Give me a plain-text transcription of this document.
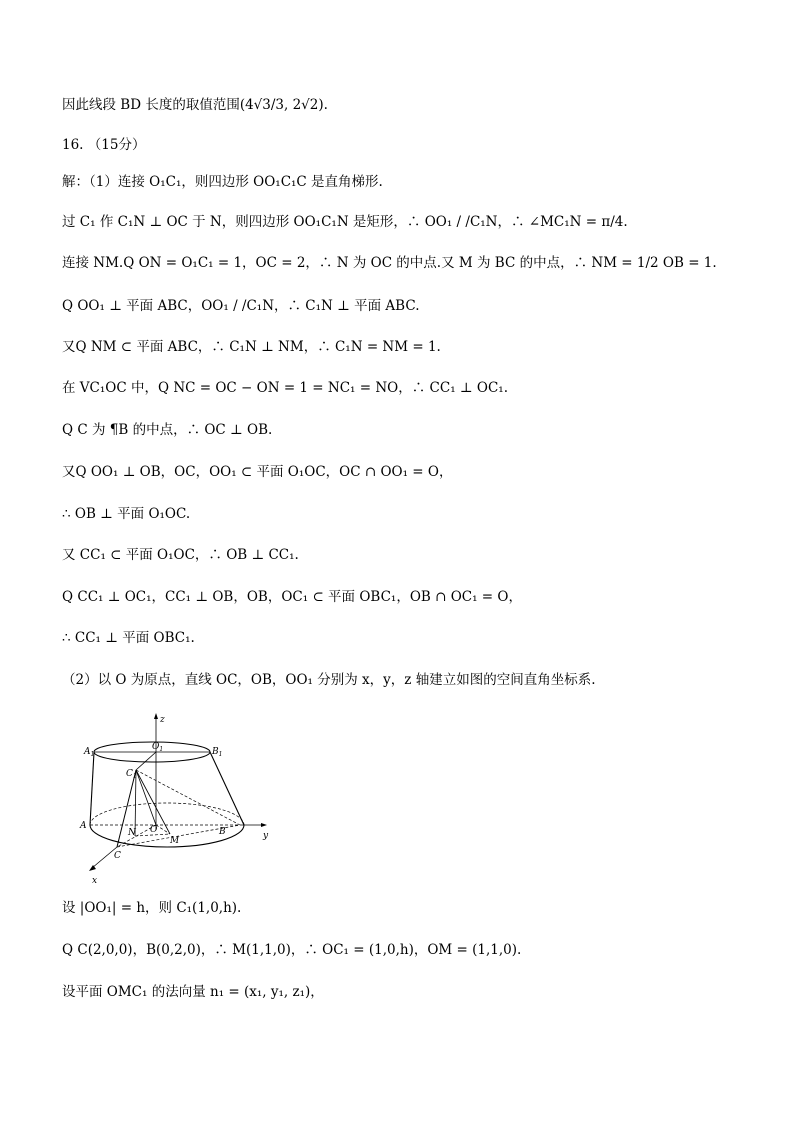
因此线段 BD 长度的取值范围(4√3/3, 2√2).
16. （15分）
解：（1）连接 O₁C₁，则四边形 OO₁C₁C 是直角梯形.
过 C₁ 作 C₁N ⊥ OC 于 N，则四边形 OO₁C₁N 是矩形，∴ OO₁ / /C₁N，∴ ∠MC₁N = π/4.
连接 NM.Q ON = O₁C₁ = 1，OC = 2，∴ N 为 OC 的中点.又 M 为 BC 的中点，∴ NM = 1/2 OB = 1.
Q OO₁ ⊥ 平面 ABC，OO₁ / /C₁N，∴ C₁N ⊥ 平面 ABC.
又Q NM ⊂ 平面 ABC，∴ C₁N ⊥ NM，∴ C₁N = NM = 1.
在 VC₁OC 中，Q NC = OC − ON = 1 = NC₁ = NO，∴ CC₁ ⊥ OC₁.
Q C 为 ¶B 的中点，∴ OC ⊥ OB.
又Q OO₁ ⊥ OB，OC，OO₁ ⊂ 平面 O₁OC，OC ∩ OO₁ = O，
∴ OB ⊥ 平面 O₁OC.
又 CC₁ ⊂ 平面 O₁OC，∴ OB ⊥ CC₁.
Q CC₁ ⊥ OC₁，CC₁ ⊥ OB，OB，OC₁ ⊂ 平面 OBC₁，OB ∩ OC₁ = O，
∴ CC₁ ⊥ 平面 OBC₁.
（2）以 O 为原点，直线 OC，OB，OO₁ 分别为 x，y，z 轴建立如图的空间直角坐标系.
z
y
x
$A_1$
$O_1$	$B_1$
$C_1$
A
B
C
N O
M
设 |OO₁| = h，则 C₁(1,0,h).
Q C(2,0,0)，B(0,2,0)，∴ M(1,1,0)，∴ OC₁ = (1,0,h)，OM = (1,1,0).
设平面 OMC₁ 的法向量 n₁ = (x₁, y₁, z₁)，
